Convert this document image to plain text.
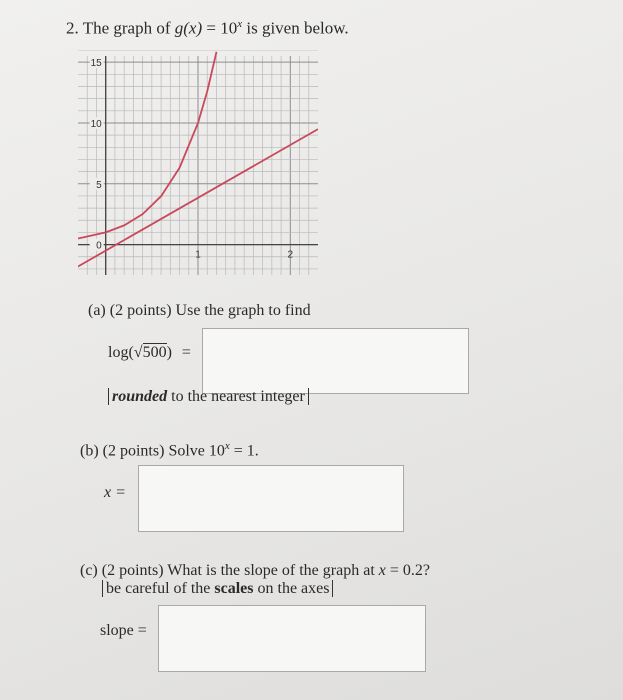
2. The graph of $g(x) = 10^x$ is given below.
0
5
10
15
1	2
(a) (2 points) Use the graph to find
log(√500) =
rounded to the nearest integer
(b) (2 points) Solve $10^x = 1$.
x =
(c) (2 points) What is the slope of the graph at x = 0.2?
be careful of the scales on the axes
slope =
